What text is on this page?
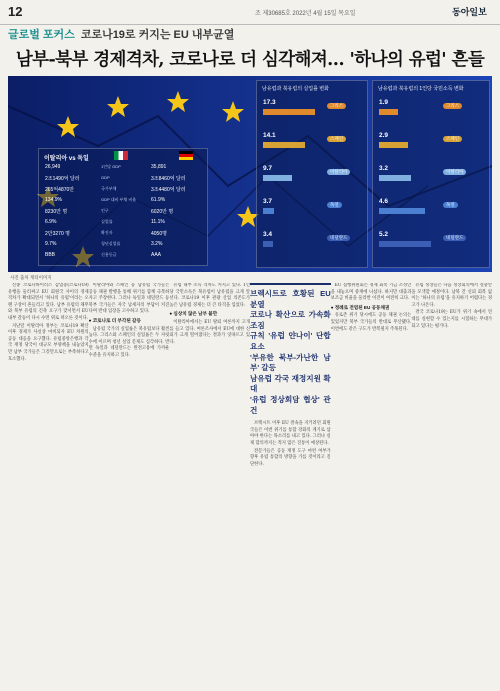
12	조 제30685호 2022년 4월 15일 목요일	동아일보
글로벌 포커스 코로나19로 커지는 EU 내부균열
남부-북부 경제격차, 코로나로 더 심각해져… '하나의 유럽' 흔들
이탈리아 vs 독일
26,949	1인당 GDP	35,891
2조1490억 달러	GDP	3조8460억 달러
265억4870만	국가부채	3조4480억 달러
134.9%	GDP 대비 부채 비율	61.9%
8230만 명	인구	6020만 명
6.9%	실업률	11.1%
2만3270 명	확진자	4050명
9.7%	청년실업률	3.2%
BBB	신용등급	AAA
남유럽과 북유럽의 실업률 변화
17.3	그리스
14.1	스페인
9.7	이탈리아
3.7	독일
3.4	네덜란드
남유럽과 북유럽의 1인당 국민소득 변화
1.9	그리스
2.9	스페인
3.2	이탈리아
4.6	독일
5.2	네덜란드
사진 출처 게티이미지

신종 코로나바이러스 감염증(코로나19) 유행을 둘러싸고 EU 회원국 사이의 경제 격차가 확대되면서 '하나의 유럽'이라는 오랜 구상이 흔들리고 있다. 남부 유럽의 채무와 북부 유럽의 긴축 요구가 맞서면서 EU 내부 갈등이 다시 수면 위로 떠오른 것이다.

지난달 이탈리아 정부는 코로나19 확산 이후 경제가 사실상 마비되자 EU 차원의 공동 대응을 요구했다. 유럽중앙은행과 각국 재정 당국이 대규모 부양책을 내놓았지만 남부 국가들은 그것만으로는 부족하다고 호소했다.

이탈리아와 스페인 등 남유럽 국가들은 공동 채권 발행을 통해 위기를 함께 극복하자고 주장한다. 그러나 독일과 네덜란드 등 북부 국가들은 자국 납세자의 부담이 커진다며 반대 입장을 고수하고 있다.

● 코로나로 더 부각된 갈등

남유럽 국가의 실업률은 북유럽보다 훨씬 높다. 그리스와 스페인의 실업률은 두 자릿수에 이르며 청년 실업 문제도 심각하다. 반면 독일과 네덜란드는 완전고용에 가까운 수준을 유지하고 있다.

유럽 내부 소득 격차도 커지고 있다. 1인당 국민소득은 북유럽이 남유럽을 크게 앞선다. 코로나19 이후 관광 산업 의존도가 높은 남유럽 경제는 더 큰 타격을 입었다.

● 심상치 않은 남부 불만

이탈리아에서는 EU 탈퇴 여론까지 고개를 들고 있다. 여론조사에서 EU에 대한 신뢰가 크게 떨어졌다는 결과가 잇따르고 있다.

브렉시트로 호황된 EU 분열
코로나 확산으로 가속화 조짐
규칙 '유럽 얀나이' 단합 요소
'부유한 북부-가난한 남부' 갈등
남유럽 각국 재정지원 확대
'유럽 정상회담 협상' 관건

브렉시트 이후 EU 결속을 지키려던 회원국들은 이번 위기를 통합 강화의 계기로 삼아야 한다는 목소리를 내고 있다. 그러나 실제 합의까지는 적지 않은 진통이 예상된다.

전문가들은 공동 재정 도구 마련 여부가 향후 유럽 통합의 방향을 가를 것이라고 진단한다.

EU 집행위원회는 경제 회복 기금 조성안을 내놓으며 중재에 나섰다. 하지만 대출과 보조금 비율을 둘러싼 이견이 여전히 크다.

● 정례로 전염된 EU 공동채권

유로존 위기 당시에도 공동 채권 논의는 있었지만 북부 국가들의 반대로 무산됐다. 이번에도 같은 구도가 반복될지 주목된다.

유럽 정상들은 다음 정상회의에서 절충안을 모색할 예정이다. 남북 간 신뢰 회복 없이는 '하나의 유럽'을 유지하기 어렵다는 경고가 나온다.

결국 코로나19는 EU가 위기 속에서 연대를 실현할 수 있는지를 시험하는 무대가 되고 있다는 평가다.
